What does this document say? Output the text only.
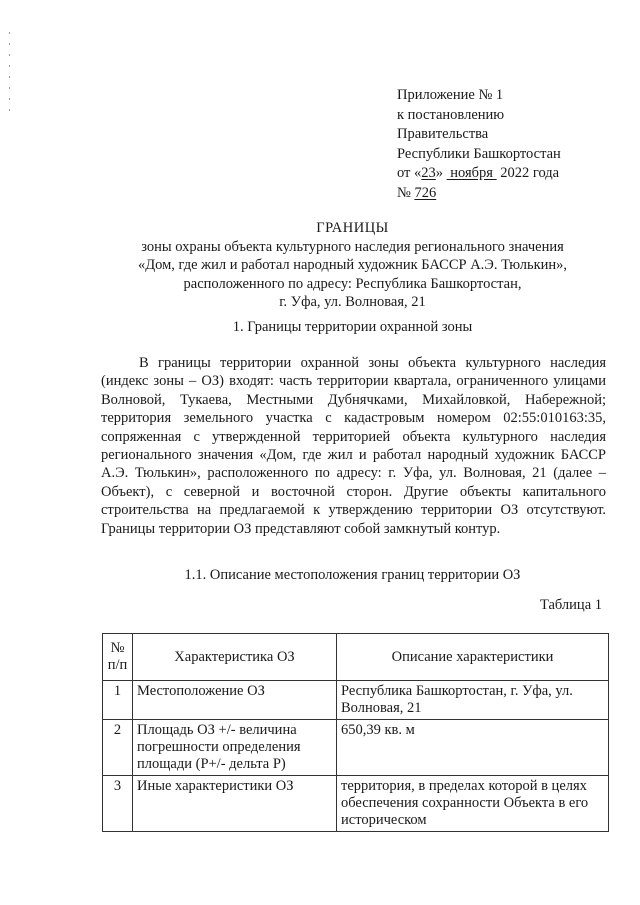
Приложение № 1
к постановлению
Правительства
Республики Башкортостан
от «23»  ноября  2022 года
№ 726
ГРАНИЦЫ
зоны охраны объекта культурного наследия регионального значения
«Дом, где жил и работал народный художник БАССР А.Э. Тюлькин»,
расположенного по адресу: Республика Башкортостан,
г. Уфа, ул. Волновая, 21
1. Границы территории охранной зоны
В границы территории охранной зоны объекта культурного наследия (индекс зоны – ОЗ) входят: часть территории квартала, ограниченного улицами Волновой, Тукаева, Местными Дубнячками, Михайловкой, Набережной; территория земельного участка с кадастровым номером 02:55:010163:35, сопряженная с утвержденной территорией объекта культурного наследия регионального значения «Дом, где жил и работал народный художник БАССР А.Э. Тюлькин», расположенного по адресу: г. Уфа, ул. Волновая, 21 (далее – Объект), с северной и восточной сторон. Другие объекты капитального строительства на предлагаемой к утверждению территории ОЗ отсутствуют. Границы территории ОЗ представляют собой замкнутый контур.
1.1. Описание местоположения границ территории ОЗ
Таблица 1
№ п/п	Характеристика ОЗ	Описание характеристики
1	Местоположение ОЗ	Республика Башкортостан, г. Уфа, ул. Волновая, 21
2	Площадь ОЗ +/- величина погрешности определения площади (Р+/- дельта Р)	650,39 кв. м
3	Иные характеристики ОЗ	территория, в пределах которой в целях обеспечения сохранности Объекта в его историческом
